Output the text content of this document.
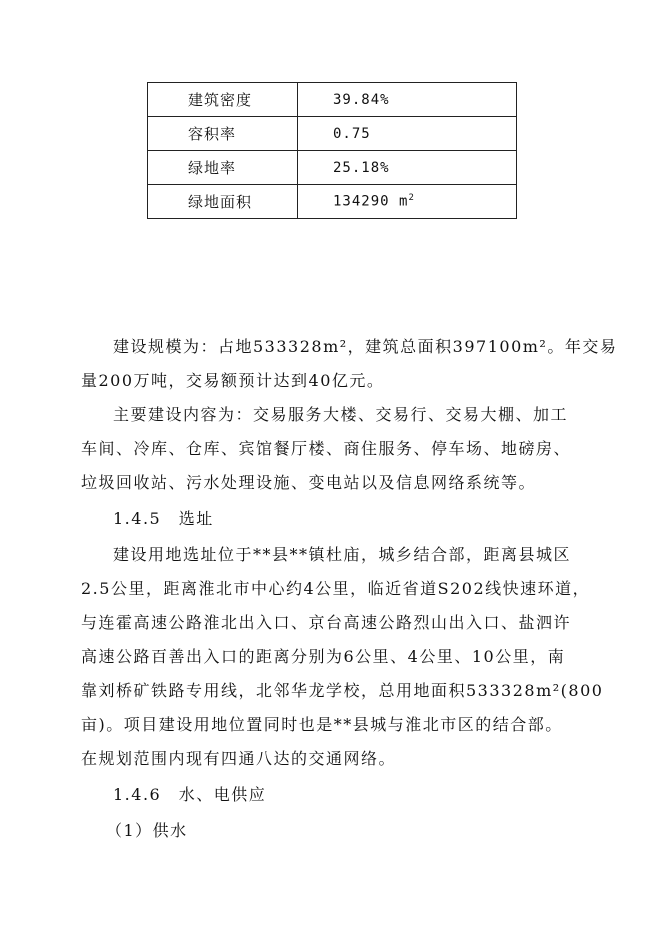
建筑密度	39.84%
容积率	0.75
绿地率	25.18%
绿地面积	134290 $m^2$
建设规模为：占地533328m²，建筑总面积397100m²。年交易
量200万吨，交易额预计达到40亿元。
主要建设内容为：交易服务大楼、交易行、交易大棚、加工
车间、冷库、仓库、宾馆餐厅楼、商住服务、停车场、地磅房、
垃圾回收站、污水处理设施、变电站以及信息网络系统等。
1.4.5　选址
建设用地选址位于**县**镇杜庙，城乡结合部，距离县城区
2.5公里，距离淮北市中心约4公里，临近省道S202线快速环道，
与连霍高速公路淮北出入口、京台高速公路烈山出入口、盐泗许
高速公路百善出入口的距离分别为6公里、4公里、10公里，南
靠刘桥矿铁路专用线，北邻华龙学校，总用地面积533328m²(800
亩)。项目建设用地位置同时也是**县城与淮北市区的结合部。
在规划范围内现有四通八达的交通网络。
1.4.6　水、电供应
（1）供水
